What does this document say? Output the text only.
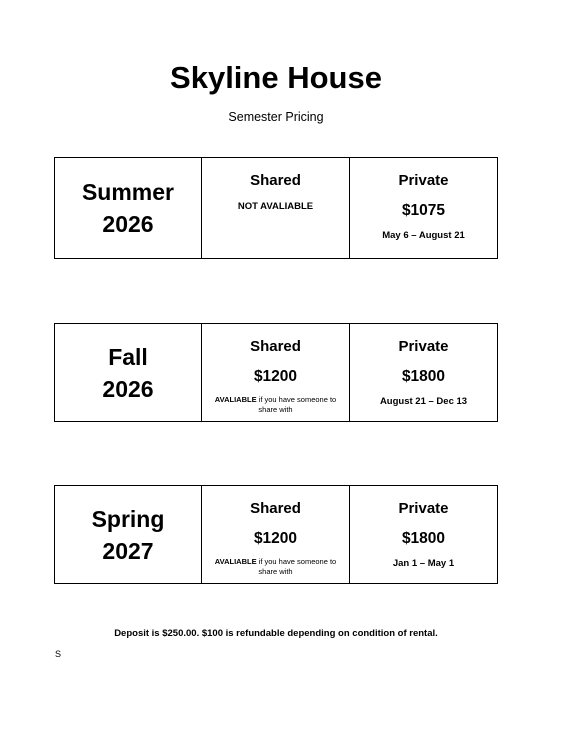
Skyline House
Semester Pricing
Summer
2026

Shared
NOT AVALIABLE

Private
$1075
May 6 – August 21
Fall
2026

Shared
$1200
AVALIABLE if you have someone to share with

Private
$1800
August 21 – Dec 13
Spring
2027

Shared
$1200
AVALIABLE if you have someone to share with

Private
$1800
Jan 1 – May 1
Deposit is $250.00. $100 is refundable depending on condition of rental.
S
